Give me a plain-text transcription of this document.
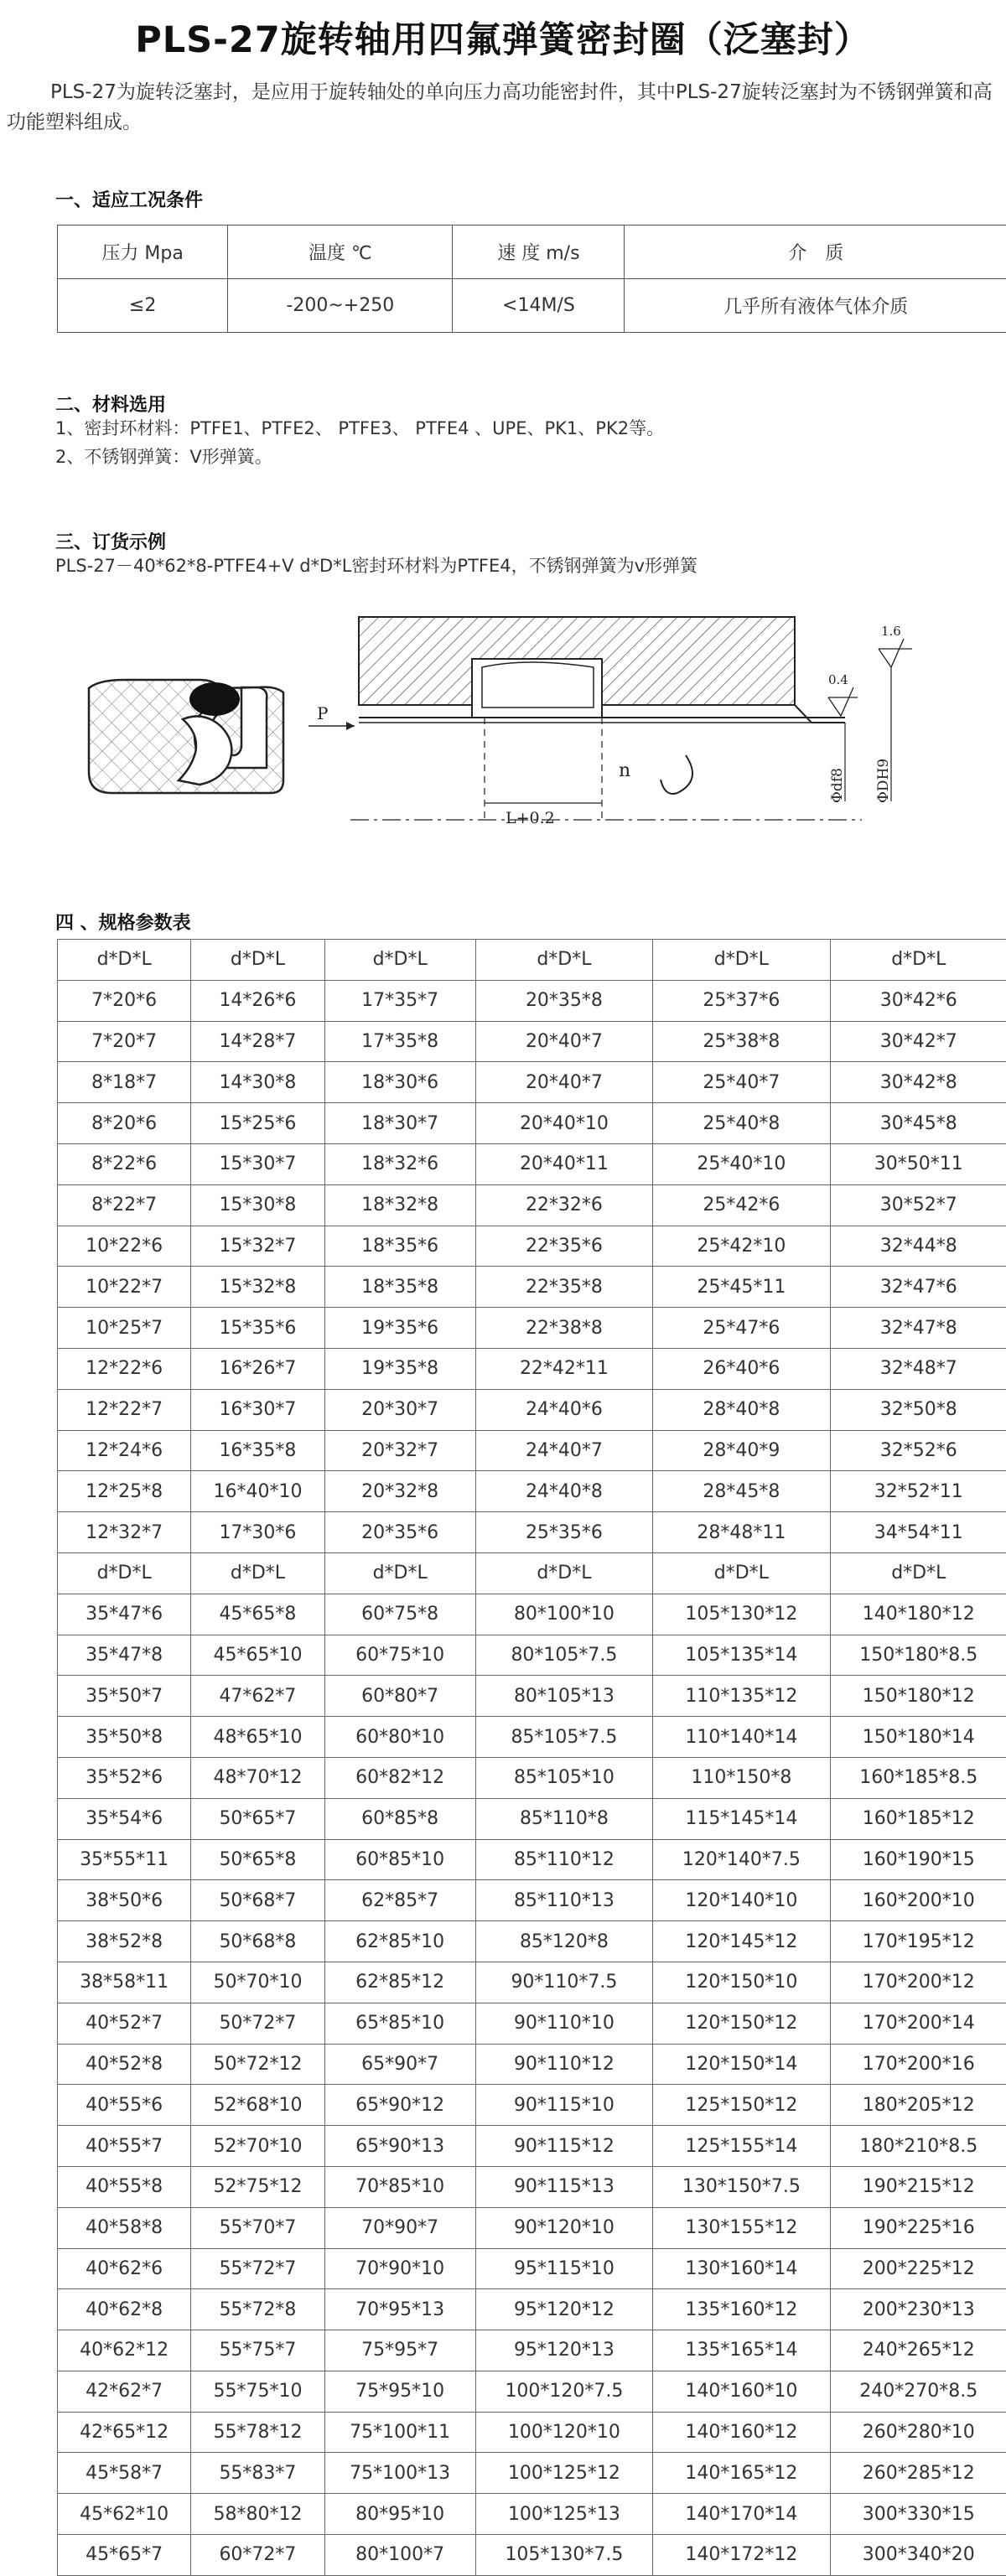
PLS-27旋转轴用四氟弹簧密封圈（泛塞封）

PLS-27为旋转泛塞封，是应用于旋转轴处的单向压力高功能密封件，其中PLS-27旋转泛塞封为不锈钢弹簧和高功能塑料组成。

一、适应工况条件

压力 Mpa	温度 ℃	速 度 m/s	介　质
≤2	-200~+250	<14M/S	几乎所有液体气体介质

二、材料选用

1、密封环材料：PTFE1、PTFE2、 PTFE3、 PTFE4 、UPE、PK1、PK2等。

2、不锈钢弹簧：V形弹簧。

三、订货示例

PLS-27－40*62*8-PTFE4+V d*D*L密封环材料为PTFE4，不锈钢弹簧为v形弹簧

P
L+0.2
n
1.6
0.4
Φdf8 ΦDH9

四 、规格参数表

d*D*L	d*D*L	d*D*L	d*D*L	d*D*L	d*D*L
7*20*6	14*26*6	17*35*7	20*35*8	25*37*6	30*42*6
7*20*7	14*28*7	17*35*8	20*40*7	25*38*8	30*42*7
8*18*7	14*30*8	18*30*6	20*40*7	25*40*7	30*42*8
8*20*6	15*25*6	18*30*7	20*40*10	25*40*8	30*45*8
8*22*6	15*30*7	18*32*6	20*40*11	25*40*10	30*50*11
8*22*7	15*30*8	18*32*8	22*32*6	25*42*6	30*52*7
10*22*6	15*32*7	18*35*6	22*35*6	25*42*10	32*44*8
10*22*7	15*32*8	18*35*8	22*35*8	25*45*11	32*47*6
10*25*7	15*35*6	19*35*6	22*38*8	25*47*6	32*47*8
12*22*6	16*26*7	19*35*8	22*42*11	26*40*6	32*48*7
12*22*7	16*30*7	20*30*7	24*40*6	28*40*8	32*50*8
12*24*6	16*35*8	20*32*7	24*40*7	28*40*9	32*52*6
12*25*8	16*40*10	20*32*8	24*40*8	28*45*8	32*52*11
12*32*7	17*30*6	20*35*6	25*35*6	28*48*11	34*54*11
d*D*L	d*D*L	d*D*L	d*D*L	d*D*L	d*D*L
35*47*6	45*65*8	60*75*8	80*100*10	105*130*12	140*180*12
35*47*8	45*65*10	60*75*10	80*105*7.5	105*135*14	150*180*8.5
35*50*7	47*62*7	60*80*7	80*105*13	110*135*12	150*180*12
35*50*8	48*65*10	60*80*10	85*105*7.5	110*140*14	150*180*14
35*52*6	48*70*12	60*82*12	85*105*10	110*150*8	160*185*8.5
35*54*6	50*65*7	60*85*8	85*110*8	115*145*14	160*185*12
35*55*11	50*65*8	60*85*10	85*110*12	120*140*7.5	160*190*15
38*50*6	50*68*7	62*85*7	85*110*13	120*140*10	160*200*10
38*52*8	50*68*8	62*85*10	85*120*8	120*145*12	170*195*12
38*58*11	50*70*10	62*85*12	90*110*7.5	120*150*10	170*200*12
40*52*7	50*72*7	65*85*10	90*110*10	120*150*12	170*200*14
40*52*8	50*72*12	65*90*7	90*110*12	120*150*14	170*200*16
40*55*6	52*68*10	65*90*12	90*115*10	125*150*12	180*205*12
40*55*7	52*70*10	65*90*13	90*115*12	125*155*14	180*210*8.5
40*55*8	52*75*12	70*85*10	90*115*13	130*150*7.5	190*215*12
40*58*8	55*70*7	70*90*7	90*120*10	130*155*12	190*225*16
40*62*6	55*72*7	70*90*10	95*115*10	130*160*14	200*225*12
40*62*8	55*72*8	70*95*13	95*120*12	135*160*12	200*230*13
40*62*12	55*75*7	75*95*7	95*120*13	135*165*14	240*265*12
42*62*7	55*75*10	75*95*10	100*120*7.5	140*160*10	240*270*8.5
42*65*12	55*78*12	75*100*11	100*120*10	140*160*12	260*280*10
45*58*7	55*83*7	75*100*13	100*125*12	140*165*12	260*285*12
45*62*10	58*80*12	80*95*10	100*125*13	140*170*14	300*330*15
45*65*7	60*72*7	80*100*7	105*130*7.5	140*172*12	300*340*20
